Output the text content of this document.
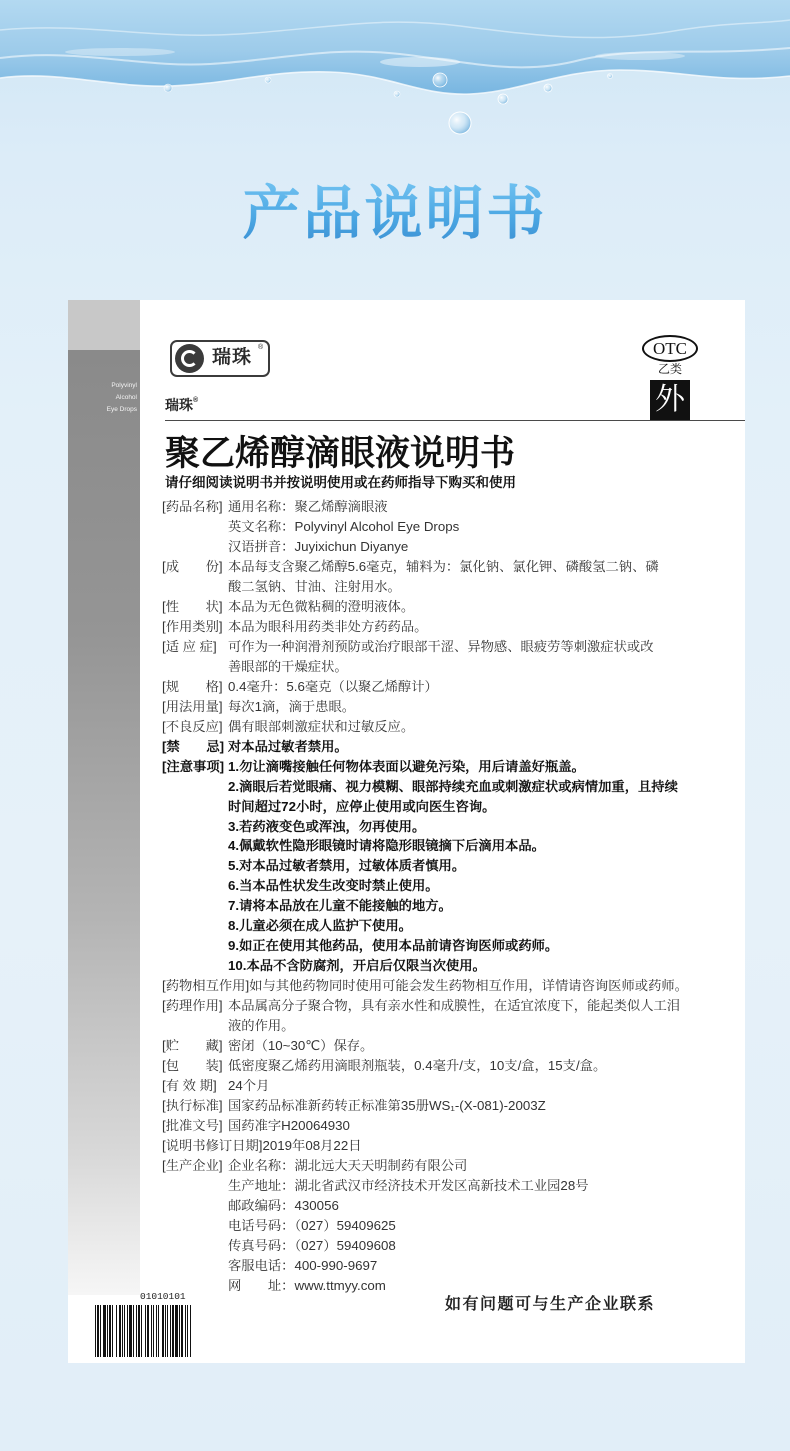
产品说明书
Polyvinyl
Alcohol
Eye Drops
瑞珠 ®
瑞珠®
OTC
乙类
外
聚乙烯醇滴眼液说明书
请仔细阅读说明书并按说明使用或在药师指导下购买和使用
[药品名称] 通用名称：聚乙烯醇滴眼液
英文名称：Polyvinyl Alcohol Eye Drops
汉语拼音：Juyixichun Diyanye
[成　　份] 本品每支含聚乙烯醇5.6毫克，辅料为：氯化钠、氯化钾、磷酸氢二钠、磷
酸二氢钠、甘油、注射用水。
[性　　状] 本品为无色微粘稠的澄明液体。
[作用类别] 本品为眼科用药类非处方药药品。
[适 应 症] 可作为一种润滑剂预防或治疗眼部干涩、异物感、眼疲劳等刺激症状或改
善眼部的干燥症状。
[规　　格] 0.4毫升：5.6毫克（以聚乙烯醇计）
[用法用量] 每次1滴，滴于患眼。
[不良反应] 偶有眼部刺激症状和过敏反应。
[禁　　忌] 对本品过敏者禁用。
[注意事项] 1.勿让滴嘴接触任何物体表面以避免污染，用后请盖好瓶盖。
2.滴眼后若觉眼痛、视力模糊、眼部持续充血或刺激症状或病情加重，且持续
时间超过72小时，应停止使用或向医生咨询。
3.若药液变色或浑浊，勿再使用。
4.佩戴软性隐形眼镜时请将隐形眼镜摘下后滴用本品。
5.对本品过敏者禁用，过敏体质者慎用。
6.当本品性状发生改变时禁止使用。
7.请将本品放在儿童不能接触的地方。
8.儿童必须在成人监护下使用。
9.如正在使用其他药品，使用本品前请咨询医师或药师。
10.本品不含防腐剂，开启后仅限当次使用。
[药物相互作用]如与其他药物同时使用可能会发生药物相互作用，详情请咨询医师或药师。
[药理作用] 本品属高分子聚合物，具有亲水性和成膜性，在适宜浓度下，能起类似人工泪
液的作用。
[贮　　藏] 密闭（10~30℃）保存。
[包　　装] 低密度聚乙烯药用滴眼剂瓶装，0.4毫升/支，10支/盒，15支/盒。
[有 效 期] 24个月
[执行标准] 国家药品标准新药转正标准第35册WS₁-(X-081)-2003Z
[批准文号] 国药准字H20064930
[说明书修订日期]2019年08月22日
[生产企业] 企业名称：湖北远大天天明制药有限公司
生产地址：湖北省武汉市经济技术开发区高新技术工业园28号
邮政编码：430056
电话号码：（027）59409625
传真号码：（027）59409608
客服电话：400-990-9697
网　　址：www.ttmyy.com
01010101	如有问题可与生产企业联系
